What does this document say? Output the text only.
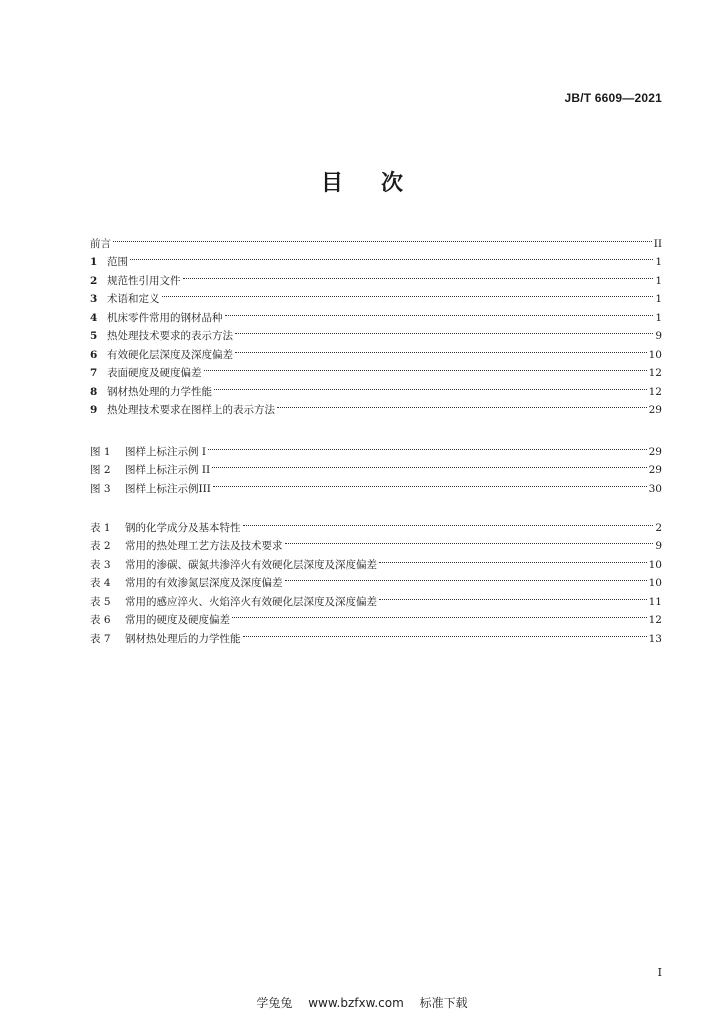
JB/T 6609—2021
目 次
前言	II
1 范围	1
2 规范性引用文件	1
3 术语和定义	1
4 机床零件常用的钢材品种	1
5 热处理技术要求的表示方法	9
6 有效硬化层深度及深度偏差	10
7 表面硬度及硬度偏差	12
8 钢材热处理的力学性能	12
9 热处理技术要求在图样上的表示方法	29
图 1	图样上标注示例 I	29
图 2	图样上标注示例 II	29
图 3	图样上标注示例III	30
表 1	钢的化学成分及基本特性	2
表 2	常用的热处理工艺方法及技术要求	9
表 3	常用的渗碳、碳氮共渗淬火有效硬化层深度及深度偏差	10
表 4	常用的有效渗氮层深度及深度偏差	10
表 5	常用的感应淬火、火焰淬火有效硬化层深度及深度偏差	11
表 6	常用的硬度及硬度偏差	12
表 7	钢材热处理后的力学性能	13
I
学兔兔 www.bzfxw.com 标准下载
